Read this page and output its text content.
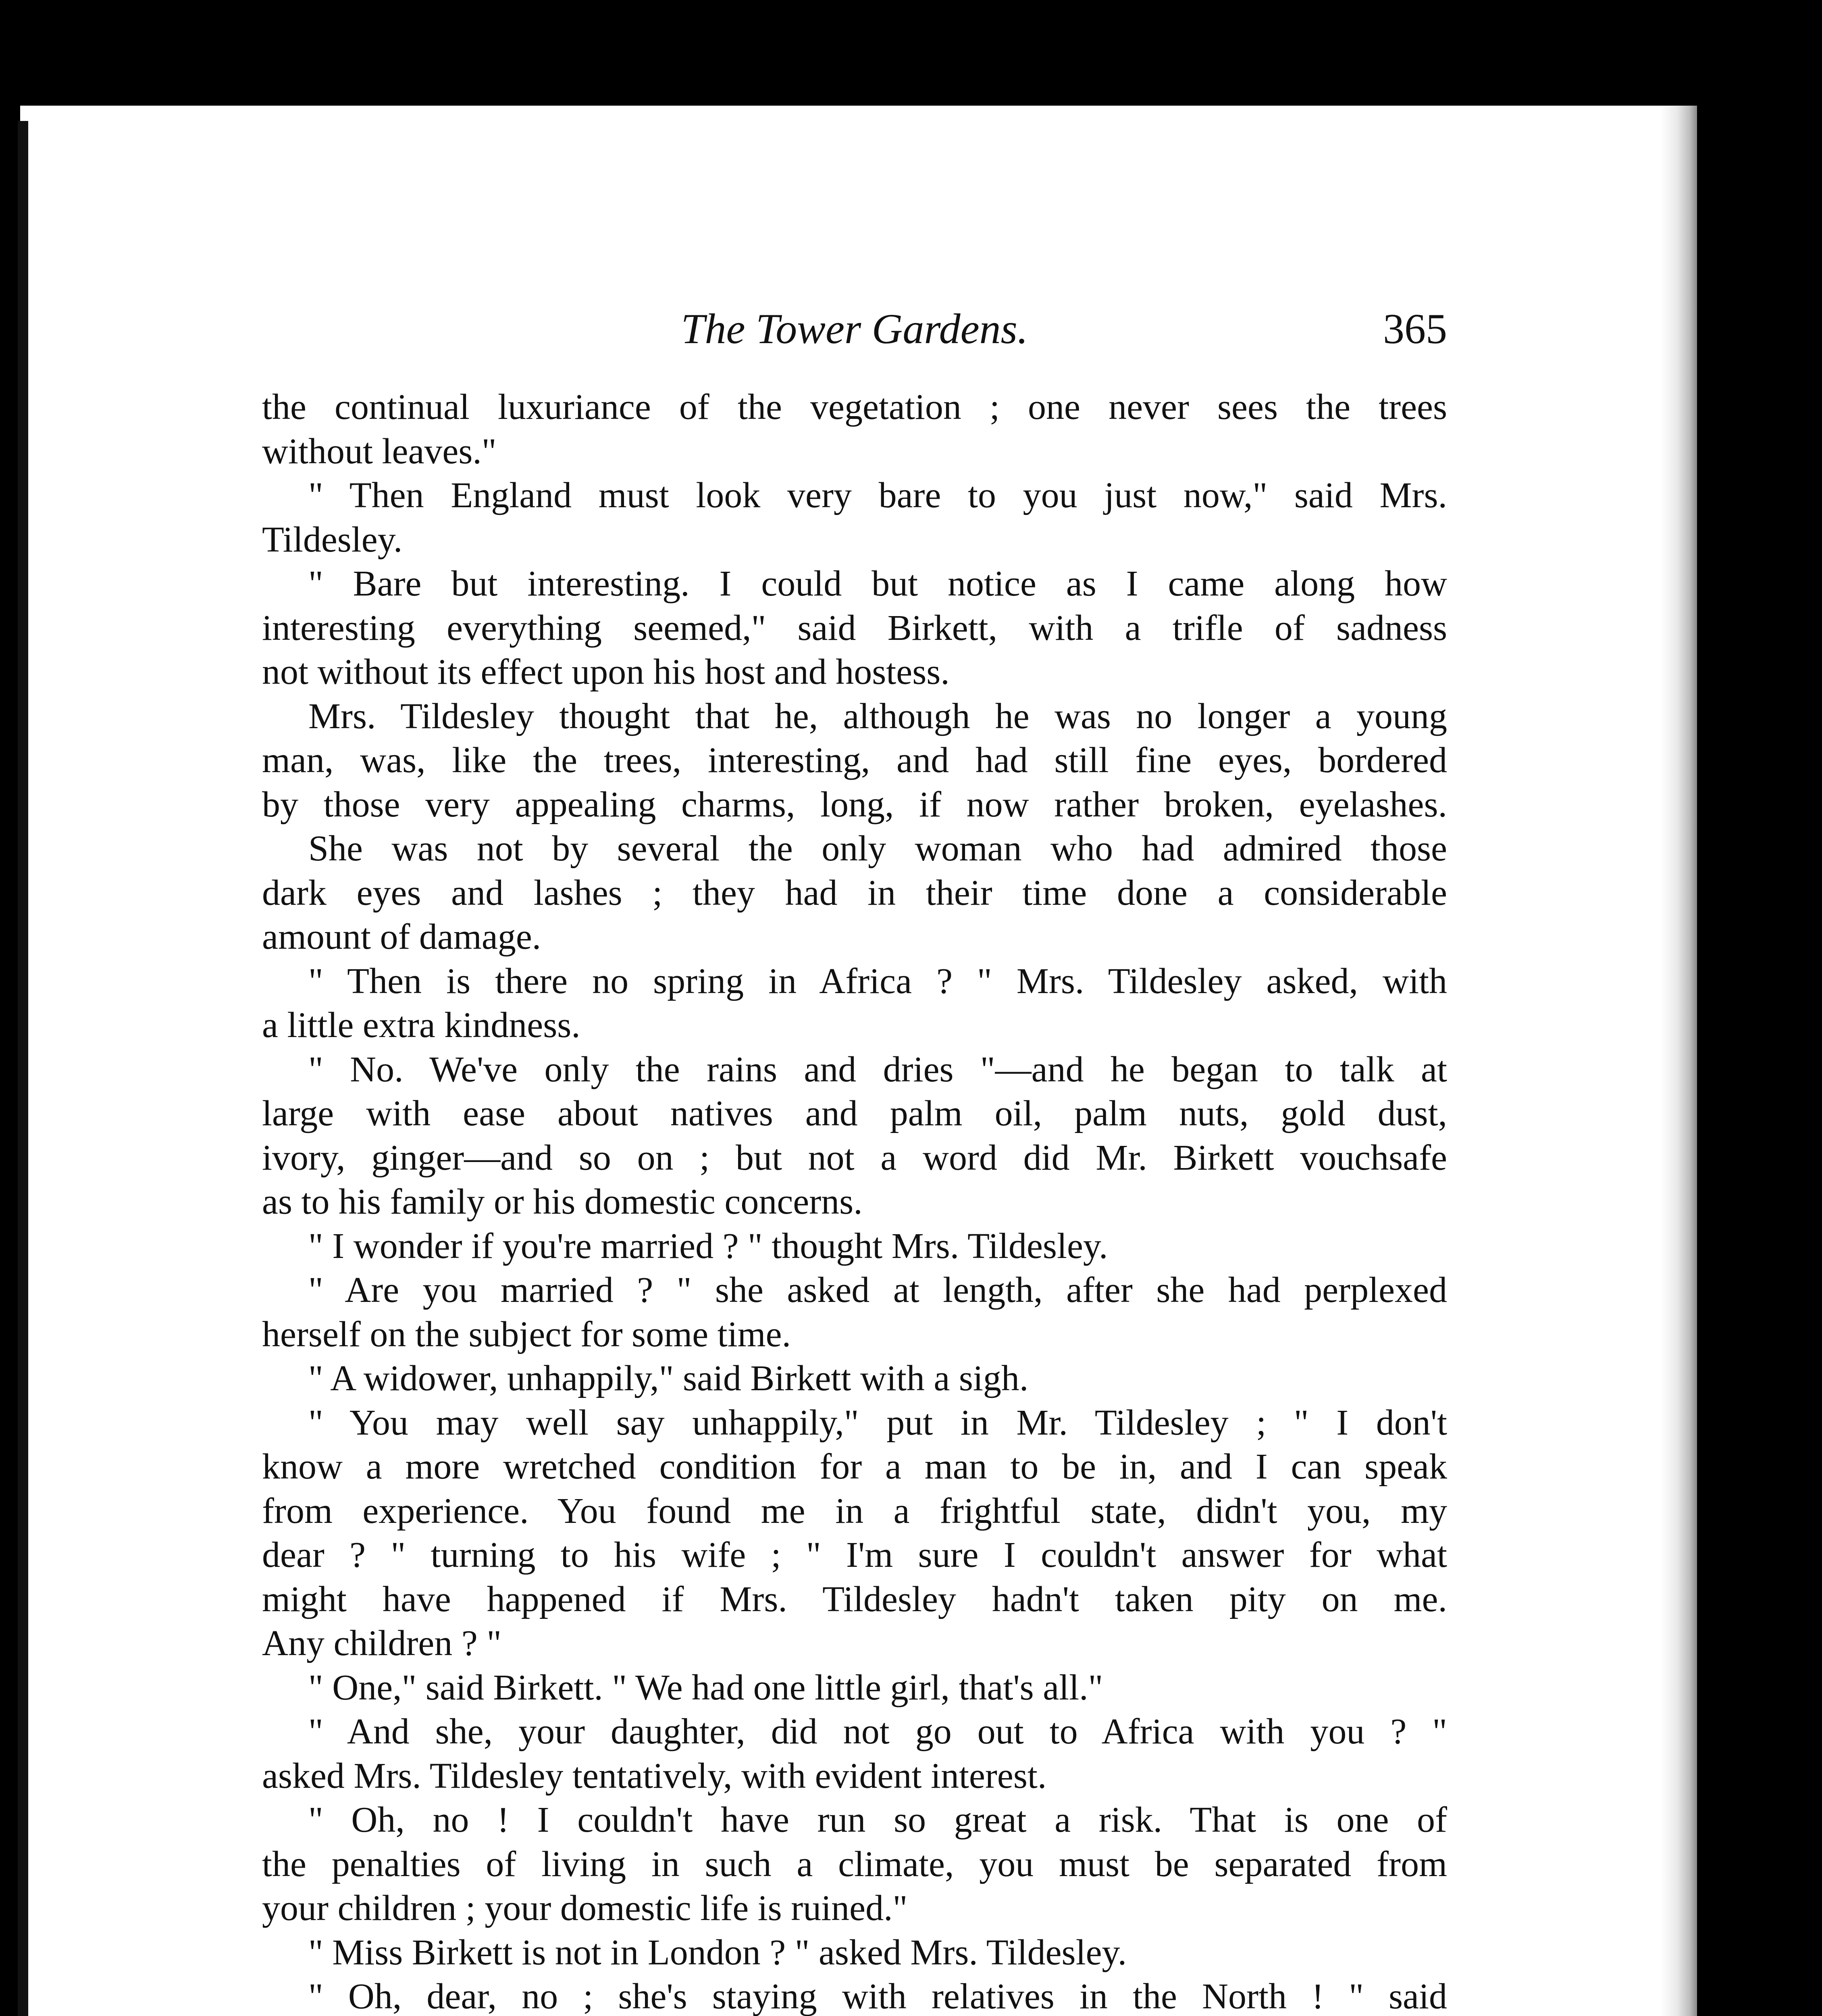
The Tower Gardens.	365
the continual luxuriance of the vegetation ; one never sees the trees
without leaves."
" Then England must look very bare to you just now," said Mrs.
Tildesley.
" Bare but interesting. I could but notice as I came along how
interesting everything seemed," said Birkett, with a trifle of sadness
not without its effect upon his host and hostess.
Mrs. Tildesley thought that he, although he was no longer a young
man, was, like the trees, interesting, and had still fine eyes, bordered
by those very appealing charms, long, if now rather broken, eyelashes.
She was not by several the only woman who had admired those
dark eyes and lashes ; they had in their time done a considerable
amount of damage.
" Then is there no spring in Africa ? " Mrs. Tildesley asked, with
a little extra kindness.
" No. We've only the rains and dries "—and he began to talk at
large with ease about natives and palm oil, palm nuts, gold dust,
ivory, ginger—and so on ; but not a word did Mr. Birkett vouchsafe
as to his family or his domestic concerns.
" I wonder if you're married ? " thought Mrs. Tildesley.
" Are you married ? " she asked at length, after she had perplexed
herself on the subject for some time.
" A widower, unhappily," said Birkett with a sigh.
" You may well say unhappily," put in Mr. Tildesley ; " I don't
know a more wretched condition for a man to be in, and I can speak
from experience. You found me in a frightful state, didn't you, my
dear ? " turning to his wife ; " I'm sure I couldn't answer for what
might have happened if Mrs. Tildesley hadn't taken pity on me.
Any children ? "
" One," said Birkett. " We had one little girl, that's all."
" And she, your daughter, did not go out to Africa with you ? "
asked Mrs. Tildesley tentatively, with evident interest.
" Oh, no ! I couldn't have run so great a risk. That is one of
the penalties of living in such a climate, you must be separated from
your children ; your domestic life is ruined."
" Miss Birkett is not in London ? " asked Mrs. Tildesley.
" Oh, dear, no ; she's staying with relatives in the North ! " said
